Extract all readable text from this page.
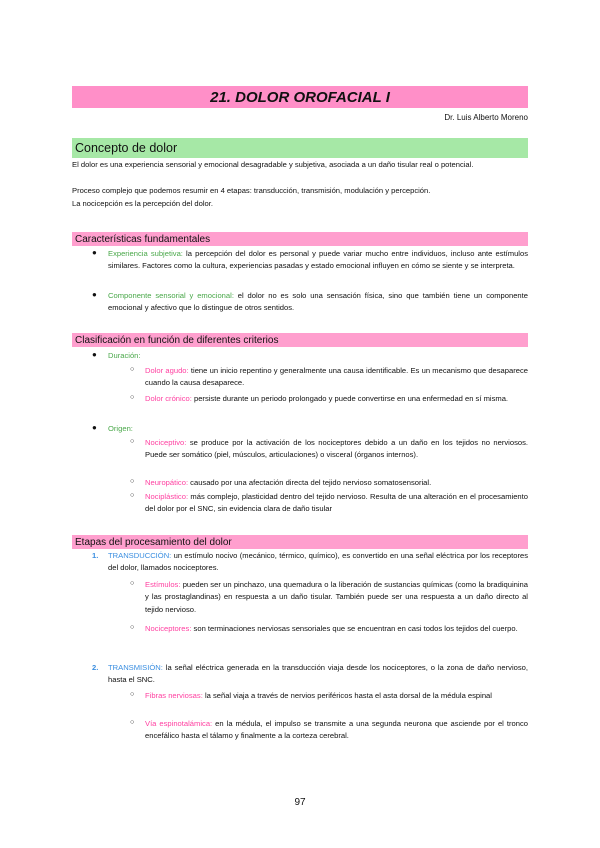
21. DOLOR OROFACIAL I
Dr. Luis Alberto Moreno
Concepto de dolor
El dolor es una experiencia sensorial y emocional desagradable y subjetiva, asociada a un daño tisular real o potencial.
Proceso complejo que podemos resumir en 4 etapas: transducción, transmisión, modulación y percepción.
La nocicepción es la percepción del dolor.
Características fundamentales
● Experiencia subjetiva: la percepción del dolor es personal y puede variar mucho entre individuos, incluso ante estímulos similares. Factores como la cultura, experiencias pasadas y estado emocional influyen en cómo se siente y se interpreta.
● Componente sensorial y emocional: el dolor no es solo una sensación física, sino que también tiene un componente emocional y afectivo que lo distingue de otros sentidos.
Clasificación en función de diferentes criterios
● Duración:
○ Dolor agudo: tiene un inicio repentino y generalmente una causa identificable. Es un mecanismo que desaparece cuando la causa desaparece.
○ Dolor crónico: persiste durante un periodo prolongado y puede convertirse en una enfermedad en sí misma.
● Origen:
○ Nociceptivo: se produce por la activación de los nociceptores debido a un daño en los tejidos no nerviosos. Puede ser somático (piel, músculos, articulaciones) o visceral (órganos internos).
○ Neuropático: causado por una afectación directa del tejido nervioso somatosensorial.
○ Nociplástico: más complejo, plasticidad dentro del tejido nervioso. Resulta de una alteración en el procesamiento del dolor por el SNC, sin evidencia clara de daño tisular
Etapas del procesamiento del dolor
1. TRANSDUCCIÓN: un estímulo nocivo (mecánico, térmico, químico), es convertido en una señal eléctrica por los receptores del dolor, llamados nociceptores.
○ Estímulos: pueden ser un pinchazo, una quemadura o la liberación de sustancias químicas (como la bradiquinina y las prostaglandinas) en respuesta a un daño tisular. También puede ser una respuesta a un daño directo al tejido nervioso.
○ Nociceptores: son terminaciones nerviosas sensoriales que se encuentran en casi todos los tejidos del cuerpo.
2. TRANSMISIÓN: la señal eléctrica generada en la transducción viaja desde los nociceptores, o la zona de daño nervioso, hasta el SNC.
○ Fibras nerviosas: la señal viaja a través de nervios periféricos hasta el asta dorsal de la médula espinal
○ Vía espinotalámica: en la médula, el impulso se transmite a una segunda neurona que asciende por el tronco encefálico hasta el tálamo y finalmente a la corteza cerebral.
97
